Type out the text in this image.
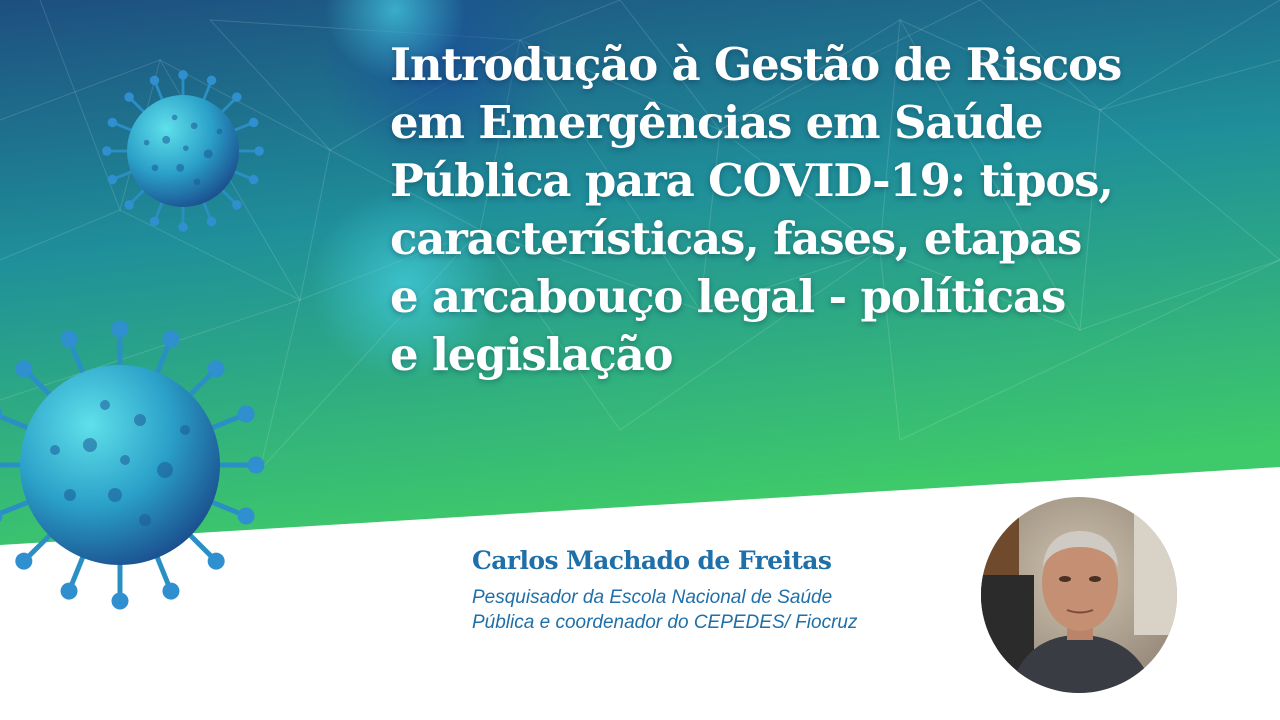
Introdução à Gestão de Riscos
em Emergências em Saúde
Pública para COVID-19: tipos,
características, fases, etapas
e arcabouço legal - políticas
e legislação

Carlos Machado de Freitas

Pesquisador da Escola Nacional de Saúde
Pública e coordenador do CEPEDES/ Fiocruz
